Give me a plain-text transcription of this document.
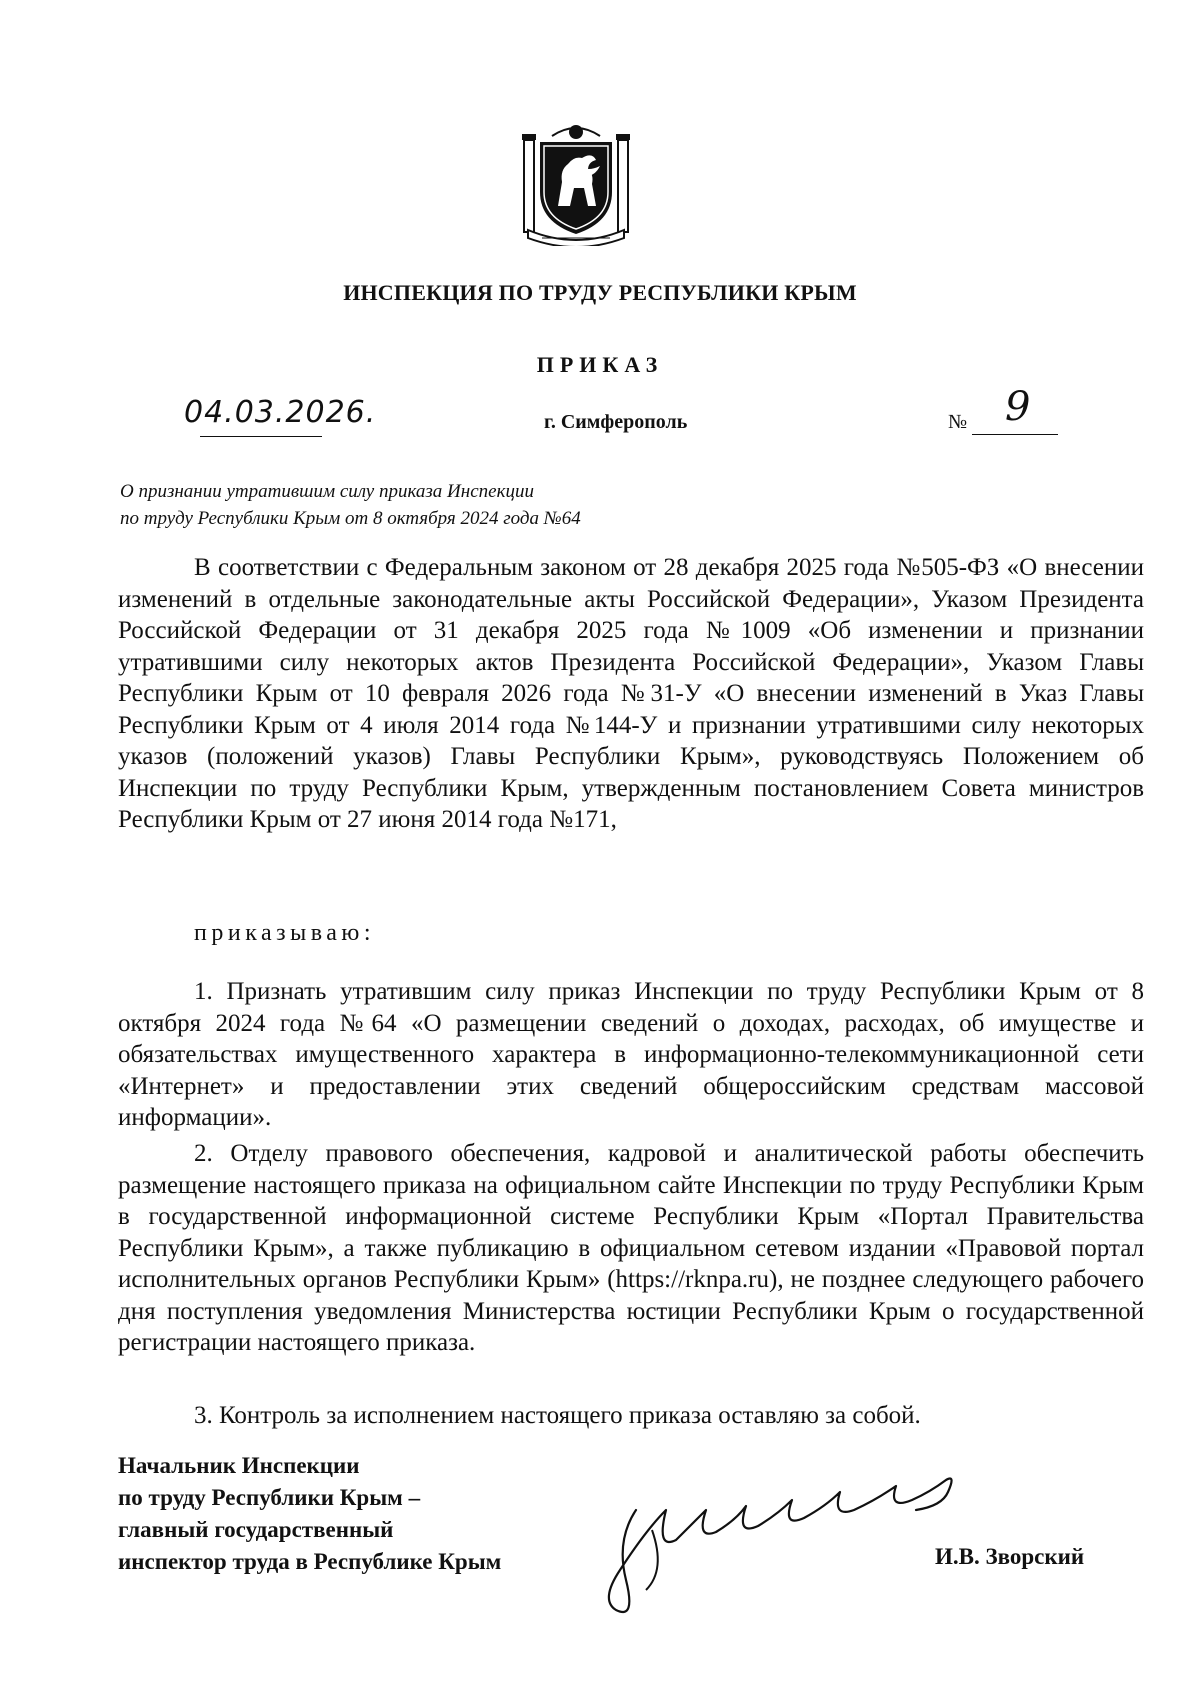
ИНСПЕКЦИЯ ПО ТРУДУ РЕСПУБЛИКИ КРЫМ
ПРИКАЗ
04.03.2026.	г. Симферополь	№ 9
О признании утратившим силу приказа Инспекции
по труду Республики Крым от 8 октября 2024 года №64
В соответствии с Федеральным законом от 28 декабря 2025 года №505-ФЗ «О внесении изменений в отдельные законодательные акты Российской Федерации», Указом Президента Российской Федерации от 31 декабря 2025 года №1009 «Об изменении и признании утратившими силу некоторых актов Президента Российской Федерации», Указом Главы Республики Крым от 10 февраля 2026 года №31-У «О внесении изменений в Указ Главы Республики Крым от 4 июля 2014 года №144-У и признании утратившими силу некоторых указов (положений указов) Главы Республики Крым», руководствуясь Положением об Инспекции по труду Республики Крым, утвержденным постановлением Совета министров Республики Крым от 27 июня 2014 года №171,
приказываю:
1. Признать утратившим силу приказ Инспекции по труду Республики Крым от 8 октября 2024 года №64 «О размещении сведений о доходах, расходах, об имуществе и обязательствах имущественного характера в информационно-телекоммуникационной сети «Интернет» и предоставлении этих сведений общероссийским средствам массовой информации».
2. Отделу правового обеспечения, кадровой и аналитической работы обеспечить размещение настоящего приказа на официальном сайте Инспекции по труду Республики Крым в государственной информационной системе Республики Крым «Портал Правительства Республики Крым», а также публикацию в официальном сетевом издании «Правовой портал исполнительных органов Республики Крым» (https://rknpa.ru), не позднее следующего рабочего дня поступления уведомления Министерства юстиции Республики Крым о государственной регистрации настоящего приказа.
3. Контроль за исполнением настоящего приказа оставляю за собой.
Начальник Инспекции
по труду Республики Крым –
главный государственный
инспектор труда в Республике Крым	И.В. Зворский
